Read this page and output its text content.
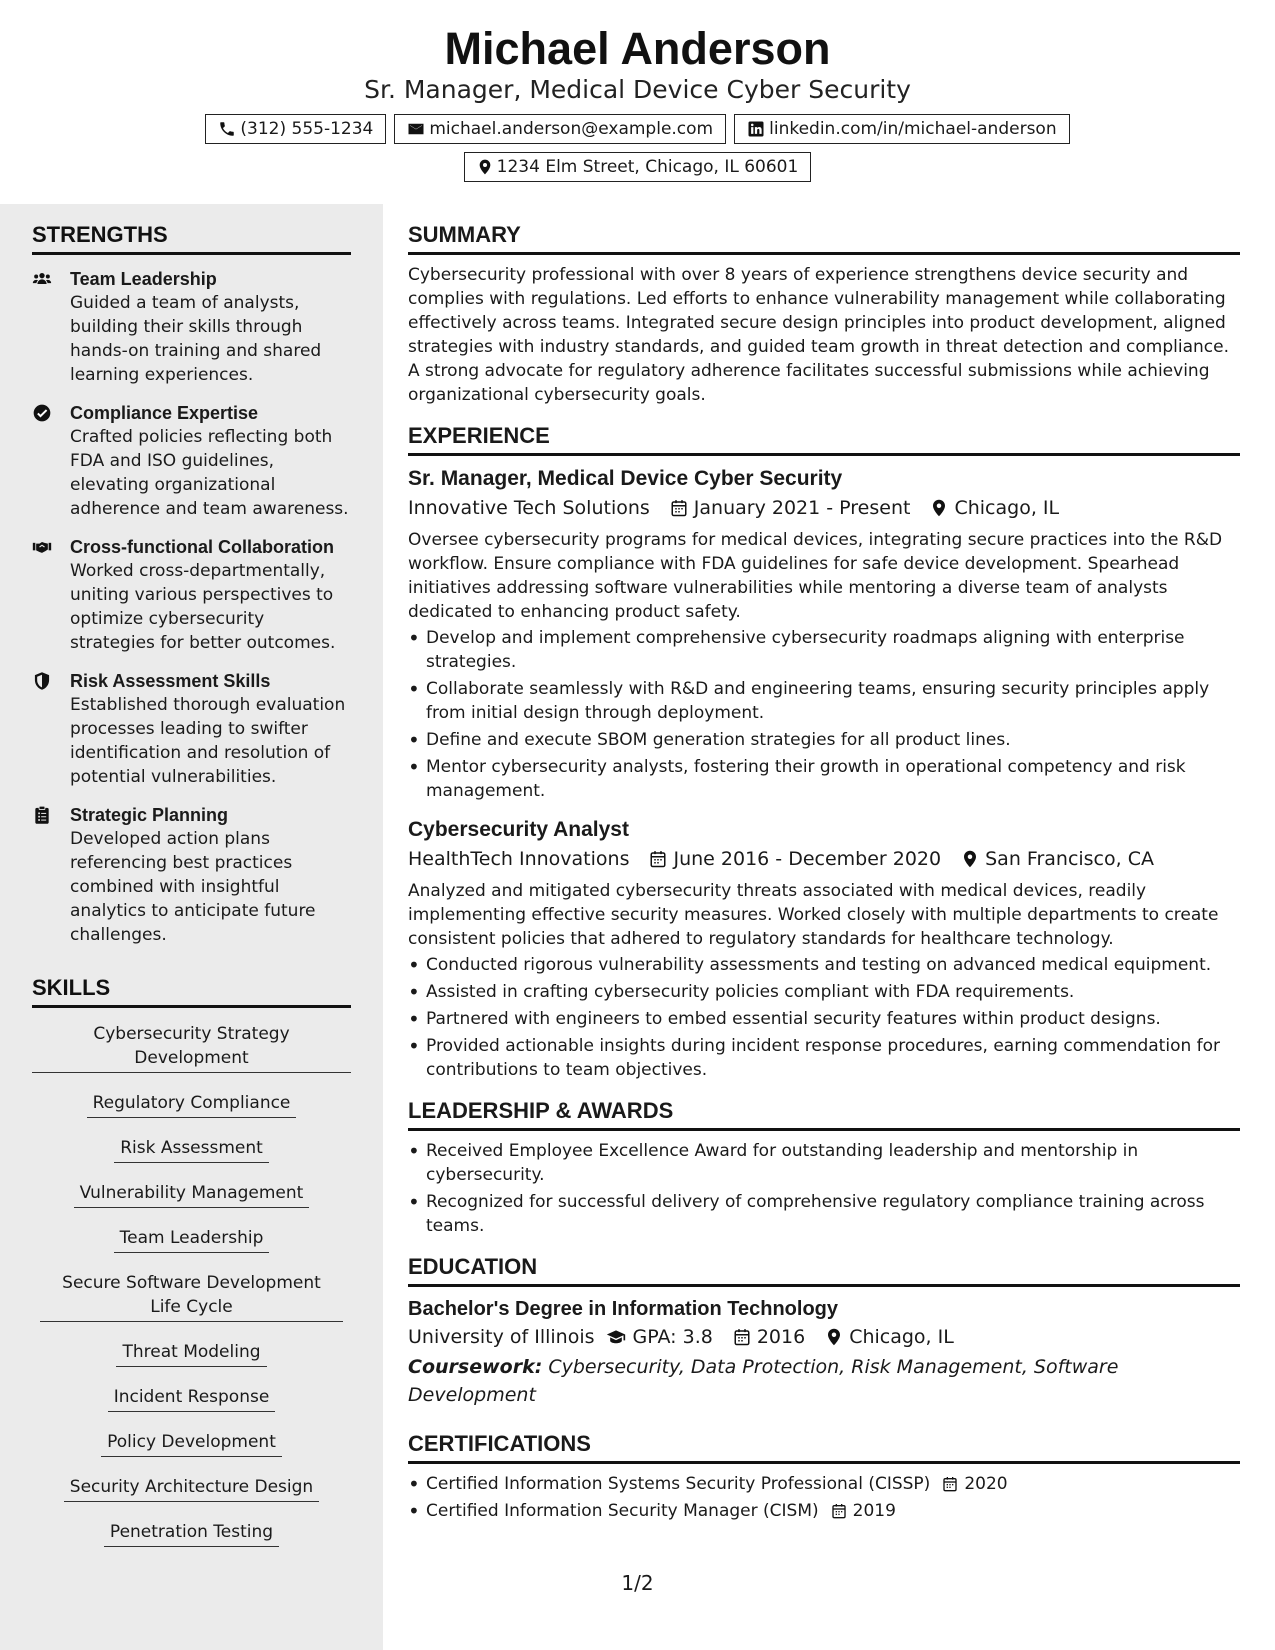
Michael Anderson
Sr. Manager, Medical Device Cyber Security
(312) 555-1234	michael.anderson@example.com	linkedin.com/in/michael-anderson
1234 Elm Street, Chicago, IL 60601
STRENGTHS
Team Leadership
Guided a team of analysts, building their skills through hands-on training and shared learning experiences.
Compliance Expertise
Crafted policies reflecting both FDA and ISO guidelines, elevating organizational adherence and team awareness.
Cross-functional Collaboration
Worked cross-departmentally, uniting various perspectives to optimize cybersecurity strategies for better outcomes.
Risk Assessment Skills
Established thorough evaluation processes leading to swifter identification and resolution of potential vulnerabilities.
Strategic Planning
Developed action plans referencing best practices combined with insightful analytics to anticipate future challenges.
SKILLS
Cybersecurity Strategy Development
Regulatory Compliance
Risk Assessment
Vulnerability Management
Team Leadership
Secure Software Development Life Cycle
Threat Modeling
Incident Response
Policy Development
Security Architecture Design
Penetration Testing
SUMMARY
Cybersecurity professional with over 8 years of experience strengthens device security and complies with regulations. Led efforts to enhance vulnerability management while collaborating effectively across teams. Integrated secure design principles into product development, aligned strategies with industry standards, and guided team growth in threat detection and compliance. A strong advocate for regulatory adherence facilitates successful submissions while achieving organizational cybersecurity goals.
EXPERIENCE
Sr. Manager, Medical Device Cyber Security
Innovative Tech Solutions January 2021 - Present Chicago, IL
Oversee cybersecurity programs for medical devices, integrating secure practices into the R&D workflow. Ensure compliance with FDA guidelines for safe device development. Spearhead initiatives addressing software vulnerabilities while mentoring a diverse team of analysts dedicated to enhancing product safety.
• Develop and implement comprehensive cybersecurity roadmaps aligning with enterprise strategies.
• Collaborate seamlessly with R&D and engineering teams, ensuring security principles apply from initial design through deployment.
• Define and execute SBOM generation strategies for all product lines.
• Mentor cybersecurity analysts, fostering their growth in operational competency and risk management.
Cybersecurity Analyst
HealthTech Innovations June 2016 - December 2020 San Francisco, CA
Analyzed and mitigated cybersecurity threats associated with medical devices, readily implementing effective security measures. Worked closely with multiple departments to create consistent policies that adhered to regulatory standards for healthcare technology.
• Conducted rigorous vulnerability assessments and testing on advanced medical equipment.
• Assisted in crafting cybersecurity policies compliant with FDA requirements.
• Partnered with engineers to embed essential security features within product designs.
• Provided actionable insights during incident response procedures, earning commendation for contributions to team objectives.
LEADERSHIP & AWARDS
• Received Employee Excellence Award for outstanding leadership and mentorship in cybersecurity.
• Recognized for successful delivery of comprehensive regulatory compliance training across teams.
EDUCATION
Bachelor's Degree in Information Technology
University of Illinois GPA: 3.8 2016 Chicago, IL
Coursework: Cybersecurity, Data Protection, Risk Management, Software Development
CERTIFICATIONS
• Certified Information Systems Security Professional (CISSP) 2020
• Certified Information Security Manager (CISM) 2019
1/2
